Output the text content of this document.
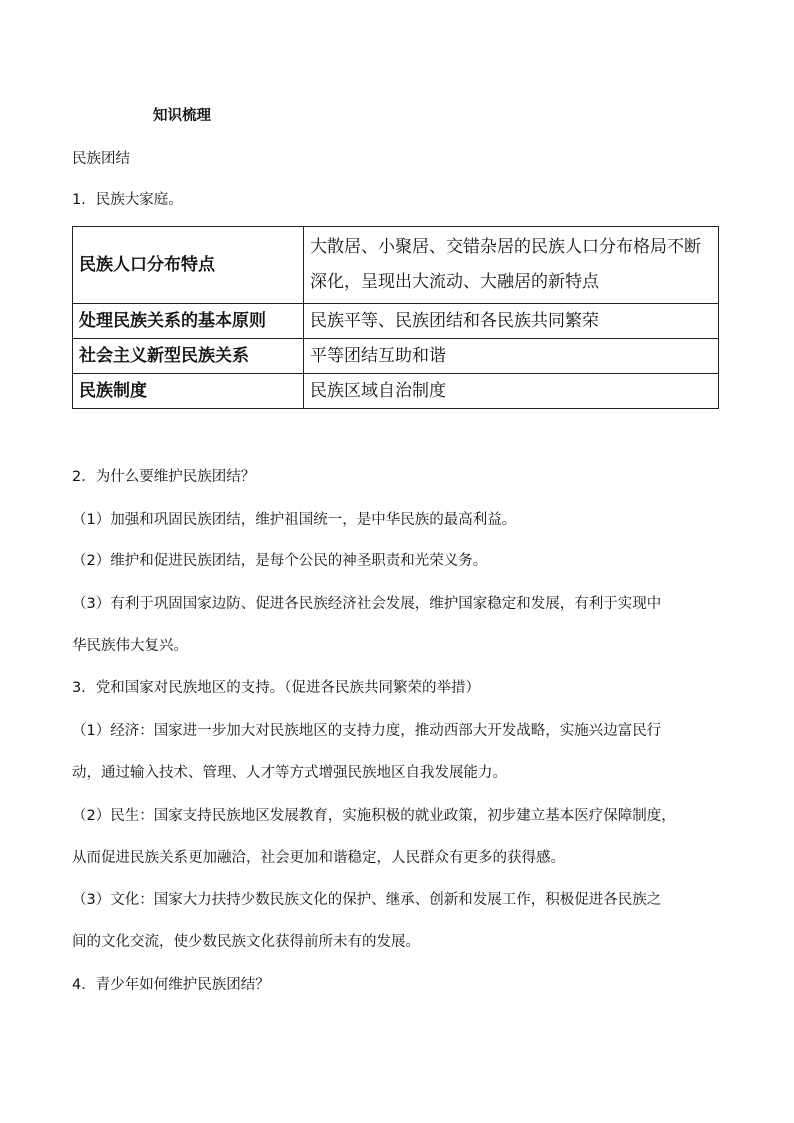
知识梳理
民族团结
1．民族大家庭。
民族人口分布特点	大散居、小聚居、交错杂居的民族人口分布格局不断深化，呈现出大流动、大融居的新特点
处理民族关系的基本原则	民族平等、民族团结和各民族共同繁荣
社会主义新型民族关系	平等团结互助和谐
民族制度	民族区域自治制度
2．为什么要维护民族团结？
（1）加强和巩固民族团结，维护祖国统一，是中华民族的最高利益。
（2）维护和促进民族团结，是每个公民的神圣职责和光荣义务。
（3）有利于巩固国家边防、促进各民族经济社会发展，维护国家稳定和发展，有利于实现中
华民族伟大复兴。
3．党和国家对民族地区的支持。（促进各民族共同繁荣的举措）
（1）经济：国家进一步加大对民族地区的支持力度，推动西部大开发战略，实施兴边富民行
动，通过输入技术、管理、人才等方式增强民族地区自我发展能力。
（2）民生：国家支持民族地区发展教育，实施积极的就业政策，初步建立基本医疗保障制度，
从而促进民族关系更加融洽，社会更加和谐稳定，人民群众有更多的获得感。
（3）文化：国家大力扶持少数民族文化的保护、继承、创新和发展工作，积极促进各民族之
间的文化交流，使少数民族文化获得前所未有的发展。
4．青少年如何维护民族团结？
